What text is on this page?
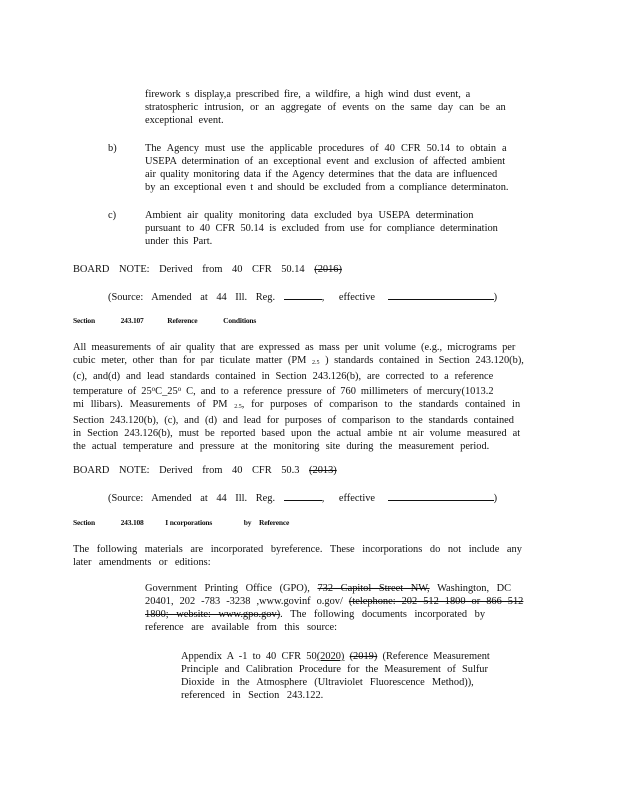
firework s display,a prescribed fire, a wildfire, a high wind dust event, a
stratospheric intrusion, or an aggregate of events on the same day can be an
exceptional event.
b)	The Agency must use the applicable procedures of 40 CFR 50.14 to obtain a
USEPA determination of an exceptional event and exclusion of affected ambient
air quality monitoring data if the Agency determines that the data are influenced
by an exceptional even t and should be excluded from a compliance determinaton.
c)	Ambient air quality monitoring data excluded bya USEPA determination
pursuant to 40 CFR 50.14 is excluded from use for compliance determination
under this Part.
BOARD NOTE: Derived from 40 CFR 50.14 (2016)
(Source: Amended at 44 Ill. Reg.	, effective	)
Section	243.107	Reference	Conditions
All measurements of air quality that are expressed as mass per unit volume (e.g., micrograms per
cubic meter, other than for par ticulate matter (PM $_{2.5}$ ) standards contained in Section 243.120(b),
(c), and(d) and lead standards contained in Section 243.126(b), are corrected to a reference
temperature of 25$^o$C_25$^o$ C, and to a reference pressure of 760 millimeters of mercury(1013.2
mi llibars). Measurements of PM $_{2.5}$, for purposes of comparison to the standards contained in
Section 243.120(b), (c), and (d) and lead for purposes of comparison to the standards contained
in Section 243.126(b), must be reported based upon the actual ambie nt air volume measured at
the actual temperature and pressure at the monitoring site during the measurement period.
BOARD NOTE: Derived from 40 CFR 50.3 (2013)
(Source: Amended at 44 Ill. Reg.	, effective	)
Section	243.108	I ncorporations	by Reference
The following materials are incorporated byreference. These incorporations do not include any
later amendments or editions:
Government Printing Office (GPO), 732 Capitol Street NW, Washington, DC
20401, 202 -783 -3238 ,www.govinf o.gov/ (telephone: 202 512 1800 or 866 512
1800; website: www.gpo.gov). The following documents incorporated by
reference are available from this source:
Appendix A -1 to 40 CFR 50(2020) (2019) (Reference Measurement
Principle and Calibration Procedure for the Measurement of Sulfur
Dioxide in the Atmosphere (Ultraviolet Fluorescence Method)),
referenced in Section 243.122.
